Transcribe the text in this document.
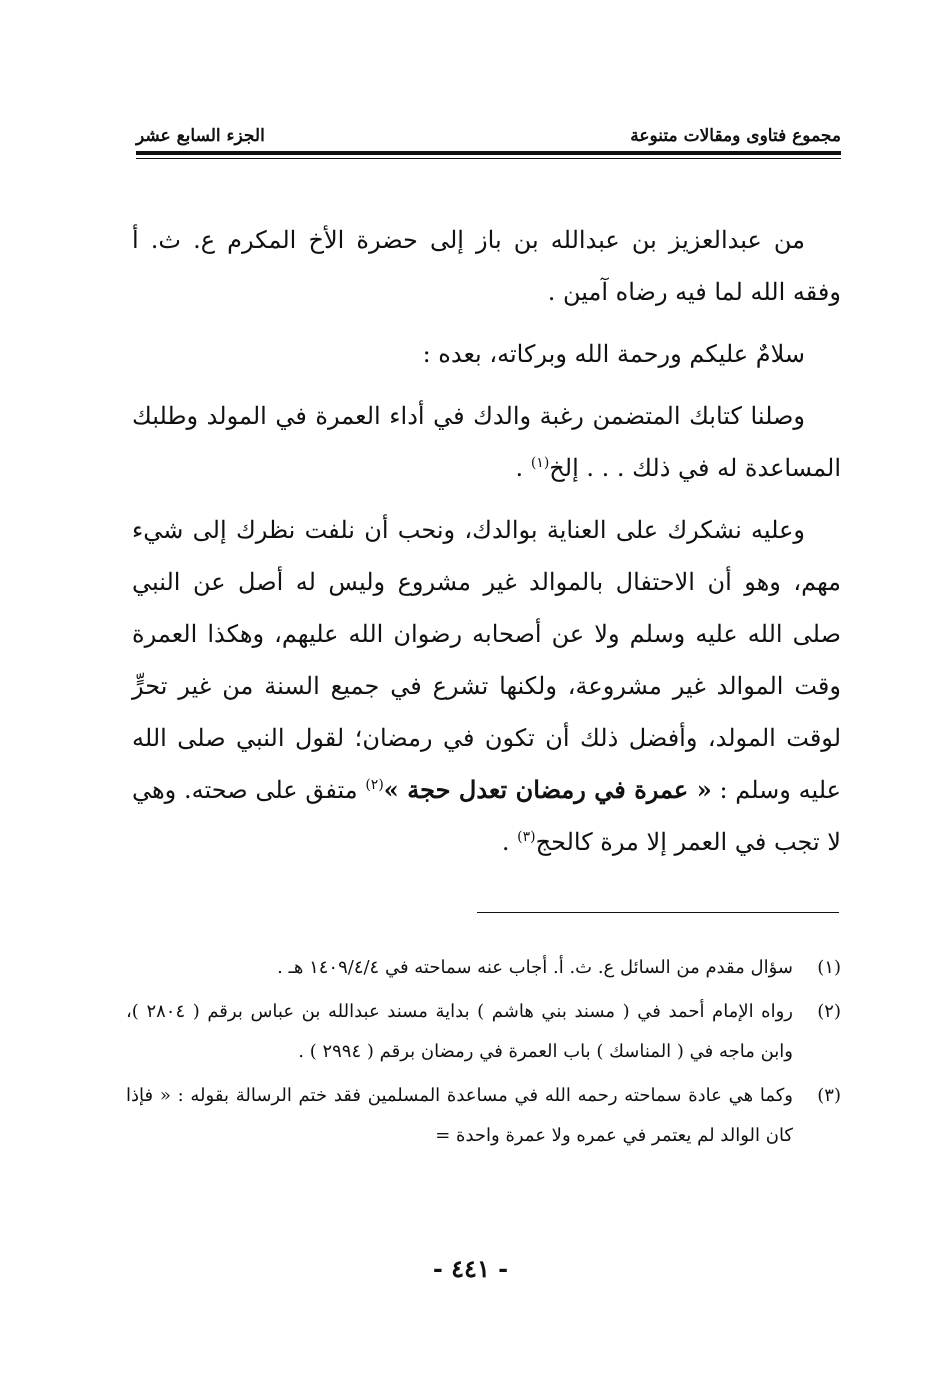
مجموع فتاوى ومقالات متنوعة
الجزء السابع عشر

من عبدالعزيز بن عبدالله بن باز إلى حضرة الأخ المكرم ع. ث. أ وفقه الله لما فيه رضاه آمين .

سلامٌ عليكم ورحمة الله وبركاته، بعده :

وصلنا كتابك المتضمن رغبة والدك في أداء العمرة في المولد وطلبك المساعدة له في ذلك . . . إلخ$^{(١)}$ .

وعليه نشكرك على العناية بوالدك، ونحب أن نلفت نظرك إلى شيء مهم، وهو أن الاحتفال بالموالد غير مشروع وليس له أصل عن النبي صلى الله عليه وسلم ولا عن أصحابه رضوان الله عليهم، وهكذا العمرة وقت الموالد غير مشروعة، ولكنها تشرع في جميع السنة من غير تحرٍّ لوقت المولد، وأفضل ذلك أن تكون في رمضان؛ لقول النبي صلى الله عليه وسلم : « عمرة في رمضان تعدل حجة »$^{(٢)}$ متفق على صحته. وهي لا تجب في العمر إلا مرة كالحج$^{(٣)}$ .

(١)
سؤال مقدم من السائل ع. ث. أ. أجاب عنه سماحته في ١٤٠٩/٤/٤ هـ .
(٢)
رواه الإمام أحمد في ( مسند بني هاشم ) بداية مسند عبدالله بن عباس برقم ( ٢٨٠٤ )، وابن ماجه في ( المناسك ) باب العمرة في رمضان برقم ( ٢٩٩٤ ) .
(٣)
وكما هي عادة سماحته رحمه الله في مساعدة المسلمين فقد ختم الرسالة بقوله : « فإذا كان الوالد لم يعتمر في عمره ولا عمرة واحدة =
- ٤٤١ -
